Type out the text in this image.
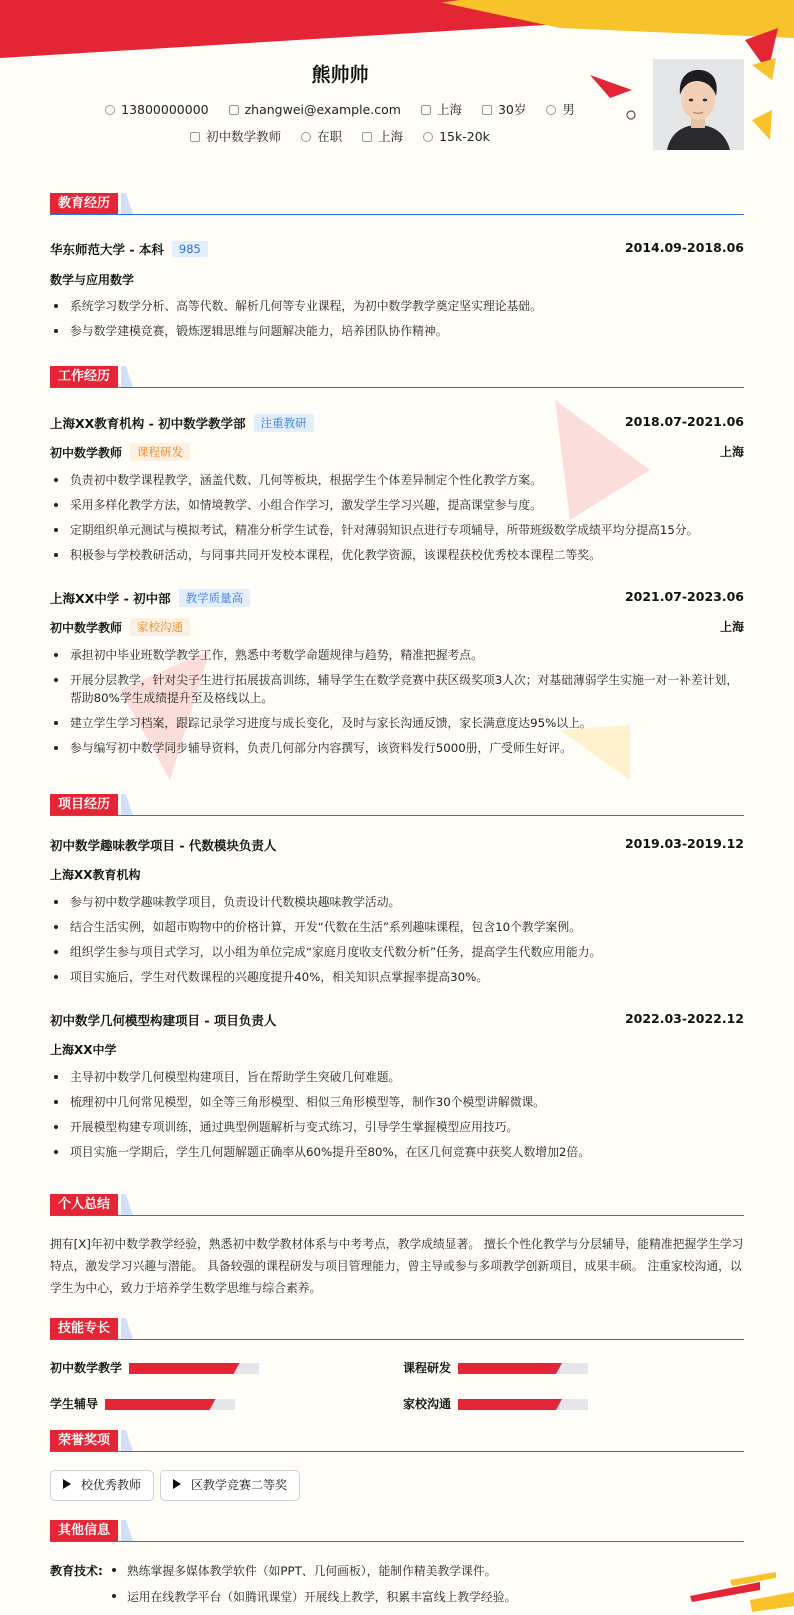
熊帅帅
13800000000	zhangwei@example.com	上海	30岁	男
初中数学教师	在职	上海	15k-20k
教育经历
华东师范大学 - 本科 985	2014.09-2018.06
数学与应用数学
系统学习数学分析、高等代数、解析几何等专业课程，为初中数学教学奠定坚实理论基础。
参与数学建模竞赛，锻炼逻辑思维与问题解决能力，培养团队协作精神。
工作经历
上海XX教育机构 - 初中数学教学部 注重教研	2018.07-2021.06
初中数学教师 课程研发	上海
负责初中数学课程教学，涵盖代数、几何等板块，根据学生个体差异制定个性化教学方案。
采用多样化教学方法，如情境教学、小组合作学习，激发学生学习兴趣，提高课堂参与度。
定期组织单元测试与模拟考试，精准分析学生试卷，针对薄弱知识点进行专项辅导，所带班级数学成绩平均分提高15分。
积极参与学校教研活动，与同事共同开发校本课程，优化教学资源，该课程获校优秀校本课程二等奖。
上海XX中学 - 初中部 教学质量高	2021.07-2023.06
初中数学教师 家校沟通	上海
承担初中毕业班数学教学工作，熟悉中考数学命题规律与趋势，精准把握考点。
开展分层教学，针对尖子生进行拓展拔高训练，辅导学生在数学竞赛中获区级奖项3人次；对基础薄弱学生实施一对一补差计划，帮助80%学生成绩提升至及格线以上。
建立学生学习档案，跟踪记录学习进度与成长变化，及时与家长沟通反馈，家长满意度达95%以上。
参与编写初中数学同步辅导资料，负责几何部分内容撰写，该资料发行5000册，广受师生好评。
项目经历
初中数学趣味教学项目 - 代数模块负责人	2019.03-2019.12
上海XX教育机构
参与初中数学趣味教学项目，负责设计代数模块趣味教学活动。
结合生活实例，如超市购物中的价格计算，开发“代数在生活”系列趣味课程，包含10个教学案例。
组织学生参与项目式学习，以小组为单位完成“家庭月度收支代数分析”任务，提高学生代数应用能力。
项目实施后，学生对代数课程的兴趣度提升40%，相关知识点掌握率提高30%。
初中数学几何模型构建项目 - 项目负责人	2022.03-2022.12
上海XX中学
主导初中数学几何模型构建项目，旨在帮助学生突破几何难题。
梳理初中几何常见模型，如全等三角形模型、相似三角形模型等，制作30个模型讲解微课。
开展模型构建专项训练，通过典型例题解析与变式练习，引导学生掌握模型应用技巧。
项目实施一学期后，学生几何题解题正确率从60%提升至80%，在区几何竞赛中获奖人数增加2倍。
个人总结
拥有[X]年初中数学教学经验，熟悉初中数学教材体系与中考考点，教学成绩显著。 擅长个性化教学与分层辅导，能精准把握学生学习特点，激发学习兴趣与潜能。 具备较强的课程研发与项目管理能力，曾主导或参与多项教学创新项目，成果丰硕。 注重家校沟通，以学生为中心，致力于培养学生数学思维与综合素养。
技能专长
初中数学教学	课程研发
学生辅导	家校沟通
荣誉奖项
校优秀教师	区教学竞赛二等奖
其他信息
教育技术: 熟练掌握多媒体教学软件（如PPT、几何画板），能制作精美教学课件。
运用在线教学平台（如腾讯课堂）开展线上教学，积累丰富线上教学经验。
